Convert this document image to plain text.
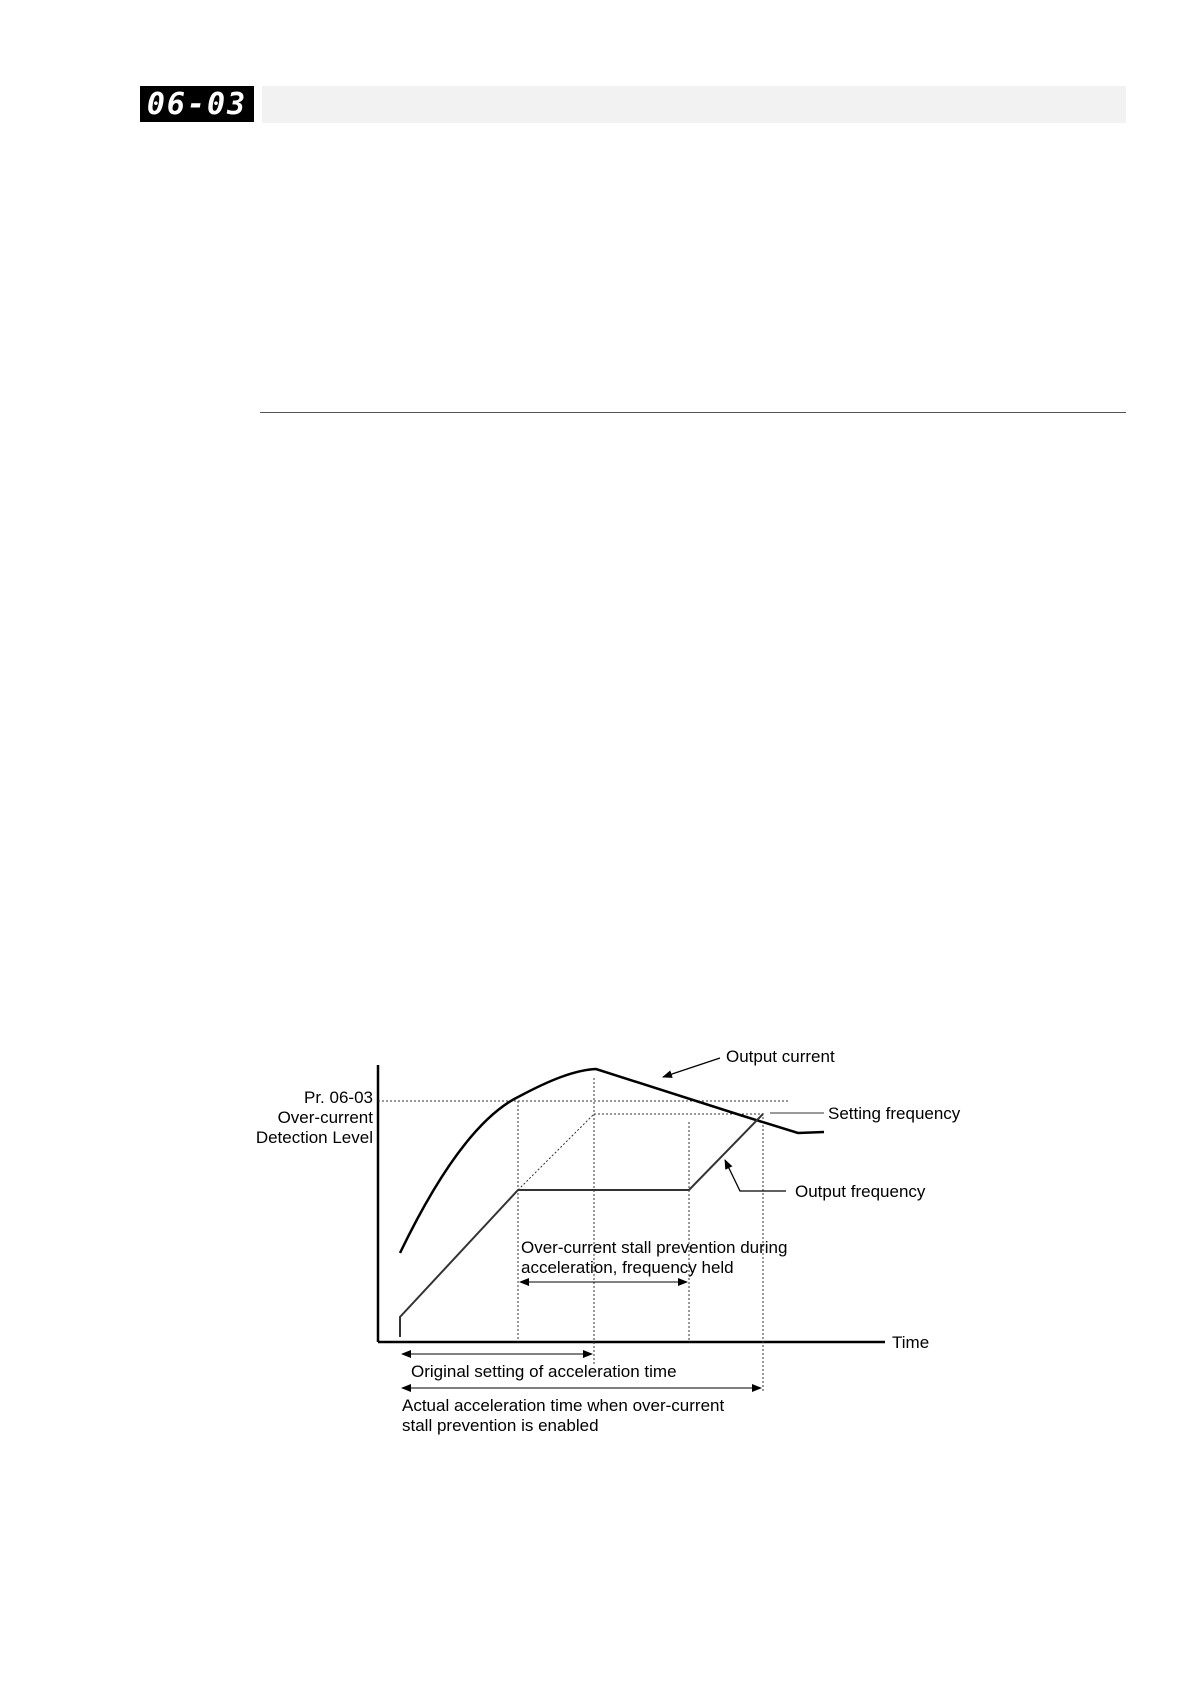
06-03
Pr. 06-03
Over-current
Detection Level
Output current
Setting frequency
Output frequency
Over-current stall prevention during
acceleration, frequency held
Time
Original setting of acceleration time
Actual acceleration time when over-current
stall prevention is enabled
